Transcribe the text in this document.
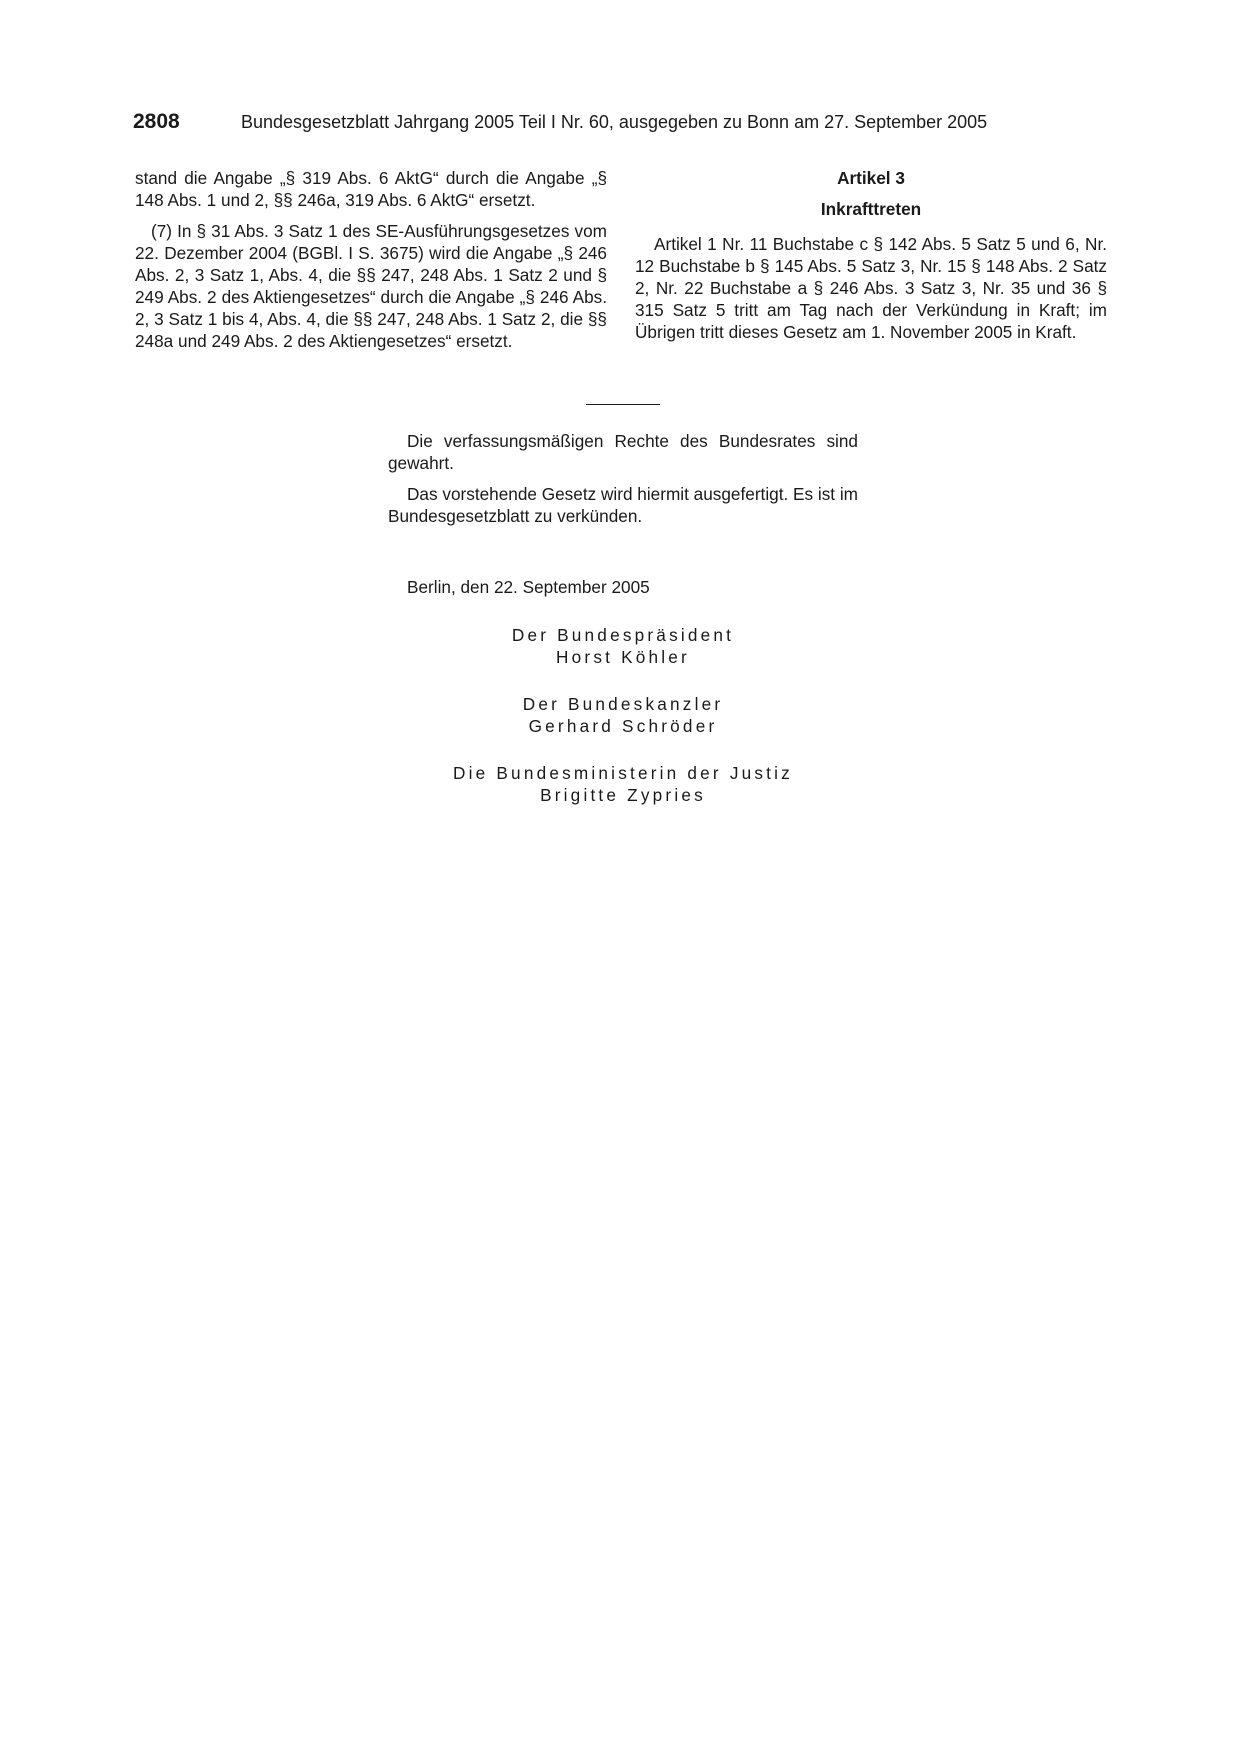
2808	Bundesgesetzblatt Jahrgang 2005 Teil I Nr. 60, ausgegeben zu Bonn am 27. September 2005

stand die Angabe „§ 319 Abs. 6 AktG“ durch die Angabe „§ 148 Abs. 1 und 2, §§ 246a, 319 Abs. 6 AktG“ ersetzt.

(7) In § 31 Abs. 3 Satz 1 des SE-Ausführungsgesetzes vom 22. Dezember 2004 (BGBl. I S. 3675) wird die Angabe „§ 246 Abs. 2, 3 Satz 1, Abs. 4, die §§ 247, 248 Abs. 1 Satz 2 und § 249 Abs. 2 des Aktiengesetzes“ durch die Angabe „§ 246 Abs. 2, 3 Satz 1 bis 4, Abs. 4, die §§ 247, 248 Abs. 1 Satz 2, die §§ 248a und 249 Abs. 2 des Aktiengesetzes“ ersetzt.

Artikel 3
Inkrafttreten

Artikel 1 Nr. 11 Buchstabe c § 142 Abs. 5 Satz 5 und 6, Nr. 12 Buchstabe b § 145 Abs. 5 Satz 3, Nr. 15 § 148 Abs. 2 Satz 2, Nr. 22 Buchstabe a § 246 Abs. 3 Satz 3, Nr. 35 und 36 § 315 Satz 5 tritt am Tag nach der Verkündung in Kraft; im Übrigen tritt dieses Gesetz am 1. November 2005 in Kraft.

Die verfassungsmäßigen Rechte des Bundesrates sind gewahrt.

Das vorstehende Gesetz wird hiermit ausgefertigt. Es ist im Bundesgesetzblatt zu verkünden.

Berlin, den 22. September 2005
Der Bundespräsident
Horst Köhler
Der Bundeskanzler
Gerhard Schröder
Die Bundesministerin der Justiz
Brigitte Zypries
